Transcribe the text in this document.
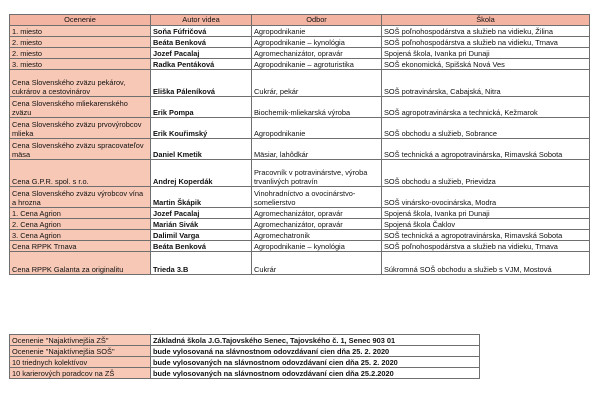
Ocenenie	Autor videa	Odbor	Škola
1. miesto	Soňa Fúfričová	Agropodnikanie	SOŠ poľnohospodárstva a služieb na vidieku, Žilina
2. miesto	Beáta Benková	Agropodnikanie – kynológia	SOŠ poľnohospodárstva a služieb na vidieku, Trnava
2. miesto	Jozef Pacalaj	Agromechanizátor, opravár	Spojená škola, Ivanka pri Dunaji
3. miesto	Radka Pentáková	Agropodnikanie – agroturistika	SOŠ ekonomická, Spišská Nová Ves
Cena Slovenského zväzu pekárov, cukrárov a cestovinárov	Eliška Páleníková	Cukrár, pekár	SOŠ potravinárska, Cabajská, Nitra
Cena Slovenského mliekarenského zväzu	Erik Pompa	Biochemik-mliekarská výroba	SOŠ agropotravinárska a technická, Kežmarok
Cena Slovenského zväzu prvovýrobcov mlieka	Erik Kouřimský	Agropodnikanie	SOŠ obchodu a služieb, Sobrance
Cena Slovenského zväzu spracovateľov mäsa	Daniel Kmetik	Mäsiar, lahôdkár	SOŠ technická a agropotravinárska, Rimavská Sobota
Cena G.P.R. spol. s r.o.	Andrej Koperdák	Pracovník v potravinárstve, výroba trvanlivých potravín	SOŠ obchodu a služieb, Prievidza
Cena Slovenského zväzu výrobcov vína a hrozna	Martin Škápik	Vinohradníctvo a ovocinárstvo-somelierstvo	SOŠ vinársko-ovocinárska, Modra
1. Cena Agrion	Jozef Pacalaj	Agromechanizátor, opravár	Spojená škola, Ivanka pri Dunaji
2. Cena Agrion	Marián Sivák	Agromechanizátor, opravár	Spojená škola Čaklov
3. Cena Agrion	Dalimil Varga	Agromechatronik	SOŠ technická a agropotravinárska, Rimavská Sobota
Cena RPPK Trnava	Beáta Benková	Agropodnikanie – kynológia	SOŠ poľnohospodárstva a služieb na vidieku, Trnava
Cena RPPK Galanta za originalitu	Trieda 3.B	Cukrár	Súkromná SOŠ obchodu a služieb s VJM, Mostová
Ocenenie "Najaktívnejšia ZŠ"	Základná škola J.G.Tajovského Senec, Tajovského č. 1, Senec 903 01
Ocenenie "Najaktívnejšia SOŠ"	bude vylosovaná na slávnostnom odovzdávaní cien dňa 25. 2. 2020
10 triednych kolektívov	bude vylosovaných na slávnostnom odovzdávaní cien dňa 25. 2. 2020
10 karierových poradcov na ZŠ	bude vylosovaných na slávnostnom odovzdávaní cien dňa 25.2.2020
